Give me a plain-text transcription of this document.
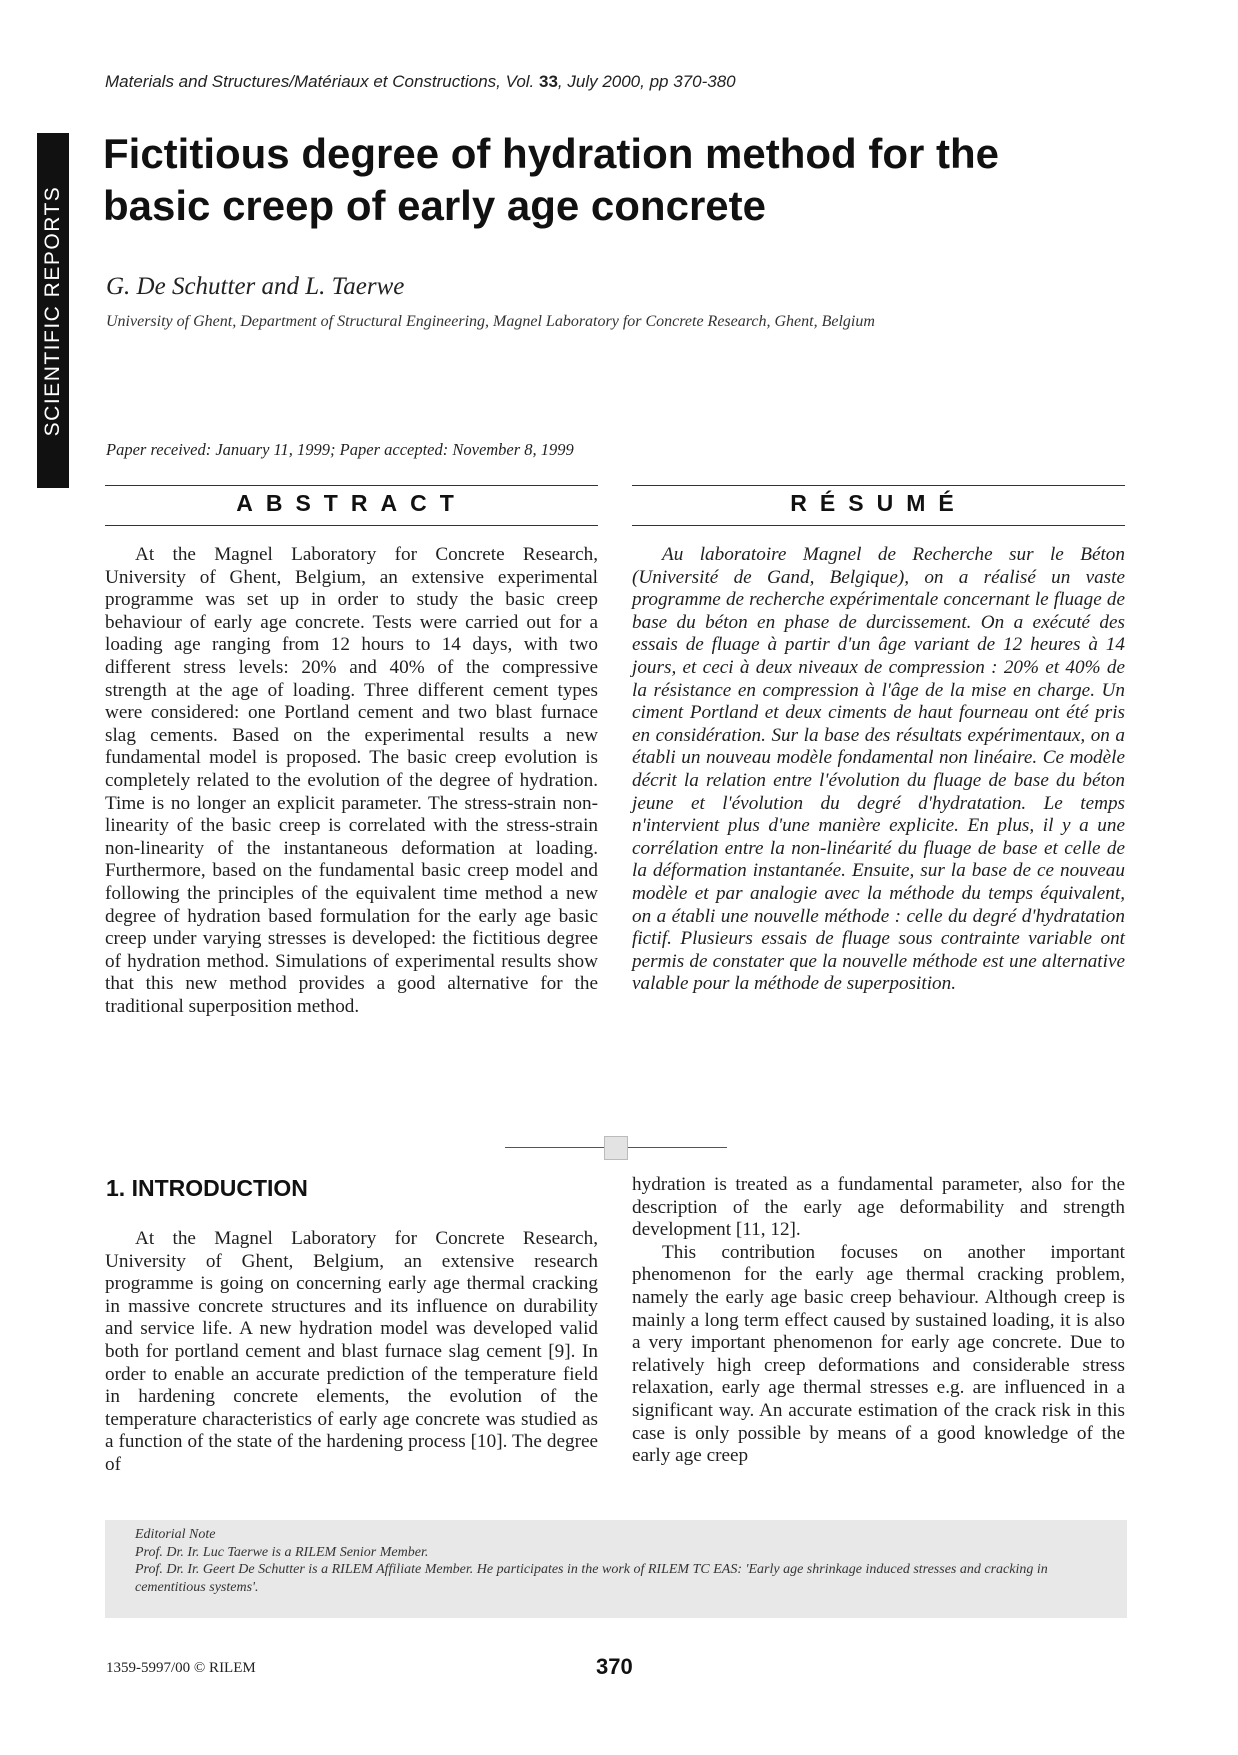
Materials and Structures/Matériaux et Constructions, Vol. 33, July 2000, pp 370-380
SCIENTIFIC REPORTS
Fictitious degree of hydration method for the basic creep of early age concrete
G. De Schutter and L. Taerwe
University of Ghent, Department of Structural Engineering, Magnel Laboratory for Concrete Research, Ghent, Belgium
Paper received: January 11, 1999; Paper accepted: November 8, 1999
ABSTRACT

At the Magnel Laboratory for Concrete Research, University of Ghent, Belgium, an extensive experimental programme was set up in order to study the basic creep behaviour of early age concrete. Tests were carried out for a loading age ranging from 12 hours to 14 days, with two different stress levels: 20% and 40% of the compressive strength at the age of loading. Three different cement types were considered: one Portland cement and two blast furnace slag cements. Based on the experimental results a new fundamental model is proposed. The basic creep evolution is completely related to the evolution of the degree of hydration. Time is no longer an explicit parameter. The stress-strain non-linearity of the basic creep is correlated with the stress-strain non-linearity of the instantaneous deformation at loading. Furthermore, based on the fundamental basic creep model and following the principles of the equivalent time method a new degree of hydration based formulation for the early age basic creep under varying stresses is developed: the fictitious degree of hydration method. Simulations of experimental results show that this new method provides a good alternative for the traditional superposition method.

RÉSUMÉ

Au laboratoire Magnel de Recherche sur le Béton (Université de Gand, Belgique), on a réalisé un vaste programme de recherche expérimentale concernant le fluage de base du béton en phase de durcissement. On a exécuté des essais de fluage à partir d'un âge variant de 12 heures à 14 jours, et ceci à deux niveaux de compression : 20% et 40% de la résistance en compression à l'âge de la mise en charge. Un ciment Portland et deux ciments de haut fourneau ont été pris en considération. Sur la base des résultats expérimentaux, on a établi un nouveau modèle fondamental non linéaire. Ce modèle décrit la relation entre l'évolution du fluage de base du béton jeune et l'évolution du degré d'hydratation. Le temps n'intervient plus d'une manière explicite. En plus, il y a une corrélation entre la non-linéarité du fluage de base et celle de la déformation instantanée. Ensuite, sur la base de ce nouveau modèle et par analogie avec la méthode du temps équivalent, on a établi une nouvelle méthode : celle du degré d'hydratation fictif. Plusieurs essais de fluage sous contrainte variable ont permis de constater que la nouvelle méthode est une alternative valable pour la méthode de superposition.

1. INTRODUCTION

At the Magnel Laboratory for Concrete Research, University of Ghent, Belgium, an extensive research programme is going on concerning early age thermal cracking in massive concrete structures and its influence on durability and service life. A new hydration model was developed valid both for portland cement and blast furnace slag cement [9]. In order to enable an accurate prediction of the temperature field in hardening concrete elements, the evolution of the temperature characteristics of early age concrete was studied as a function of the state of the hardening process [10]. The degree of

hydration is treated as a fundamental parameter, also for the description of the early age deformability and strength development [11, 12].

This contribution focuses on another important phenomenon for the early age thermal cracking problem, namely the early age basic creep behaviour. Although creep is mainly a long term effect caused by sustained loading, it is also a very important phenomenon for early age concrete. Due to relatively high creep deformations and considerable stress relaxation, early age thermal stresses e.g. are influenced in a significant way. An accurate estimation of the crack risk in this case is only possible by means of a good knowledge of the early age creep

Editorial Note
Prof. Dr. Ir. Luc Taerwe is a RILEM Senior Member.
Prof. Dr. Ir. Geert De Schutter is a RILEM Affiliate Member. He participates in the work of RILEM TC EAS: 'Early age shrinkage induced stresses and cracking in cementitious systems'.
1359-5997/00 © RILEM	370
